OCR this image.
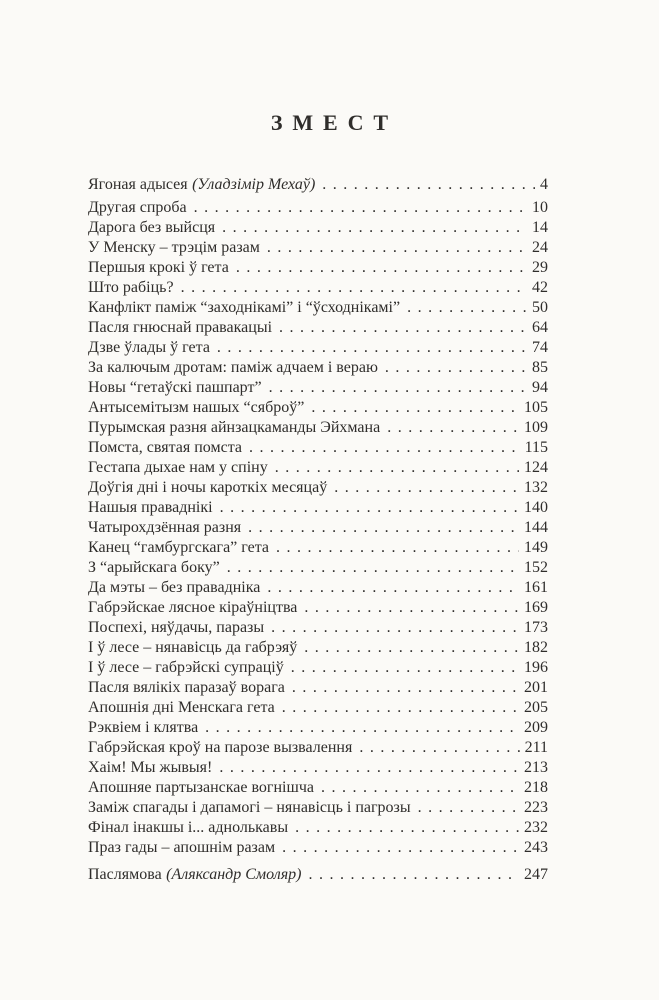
ЗМЕСТ
Ягоная адысея (Уладзімір Мехаў) .....	4
Другая спроба .....	10
Дарога без выйсця .....	14
У Менску – трэцім разам .....	24
Першыя крокі ў гета .....	29
Што рабіць? .....	42
Канфлікт паміж “заходнікамі” і “ўсходнікамі” .....	50
Пасля гнюснай правакацыі .....	64
Дзве ўлады ў гета .....	74
За калючым дротам: паміж адчаем і вераю .....	85
Новы “гетаўскі пашпарт” .....	94
Антысемітызм нашых “сяброў” .....	105
Пурымская разня айнзацкаманды Эйхмана .....	109
Помста, святая помста .....	115
Гестапа дыхае нам у спіну .....	124
Доўгія дні і ночы кароткіх месяцаў .....	132
Нашыя праваднікі .....	140
Чатырохдзённая разня .....	144
Канец “гамбургскага” гета .....	149
З “арыйскага боку” .....	152
Да мэты – без правадніка .....	161
Габрэйскае лясное кіраўніцтва .....	169
Поспехі, няўдачы, паразы .....	173
І ў лесе – нянавісць да габрэяў .....	182
І ў лесе – габрэйскі супраціў .....	196
Пасля вялікіх паразаў ворага .....	201
Апошнія дні Менскага гета .....	205
Рэквіем і клятва .....	209
Габрэйская кроў на парозе вызвалення .....	211
Хаім! Мы жывыя! .....	213
Апошняе партызанскае вогнішча .....	218
Заміж спагады і дапамогі – нянавісць і пагрозы .....	223
Фінал інакшы і... аднолькавы .....	232
Праз гады – апошнім разам .....	243
Паслямова (Аляксандр Смоляр) .....	247
